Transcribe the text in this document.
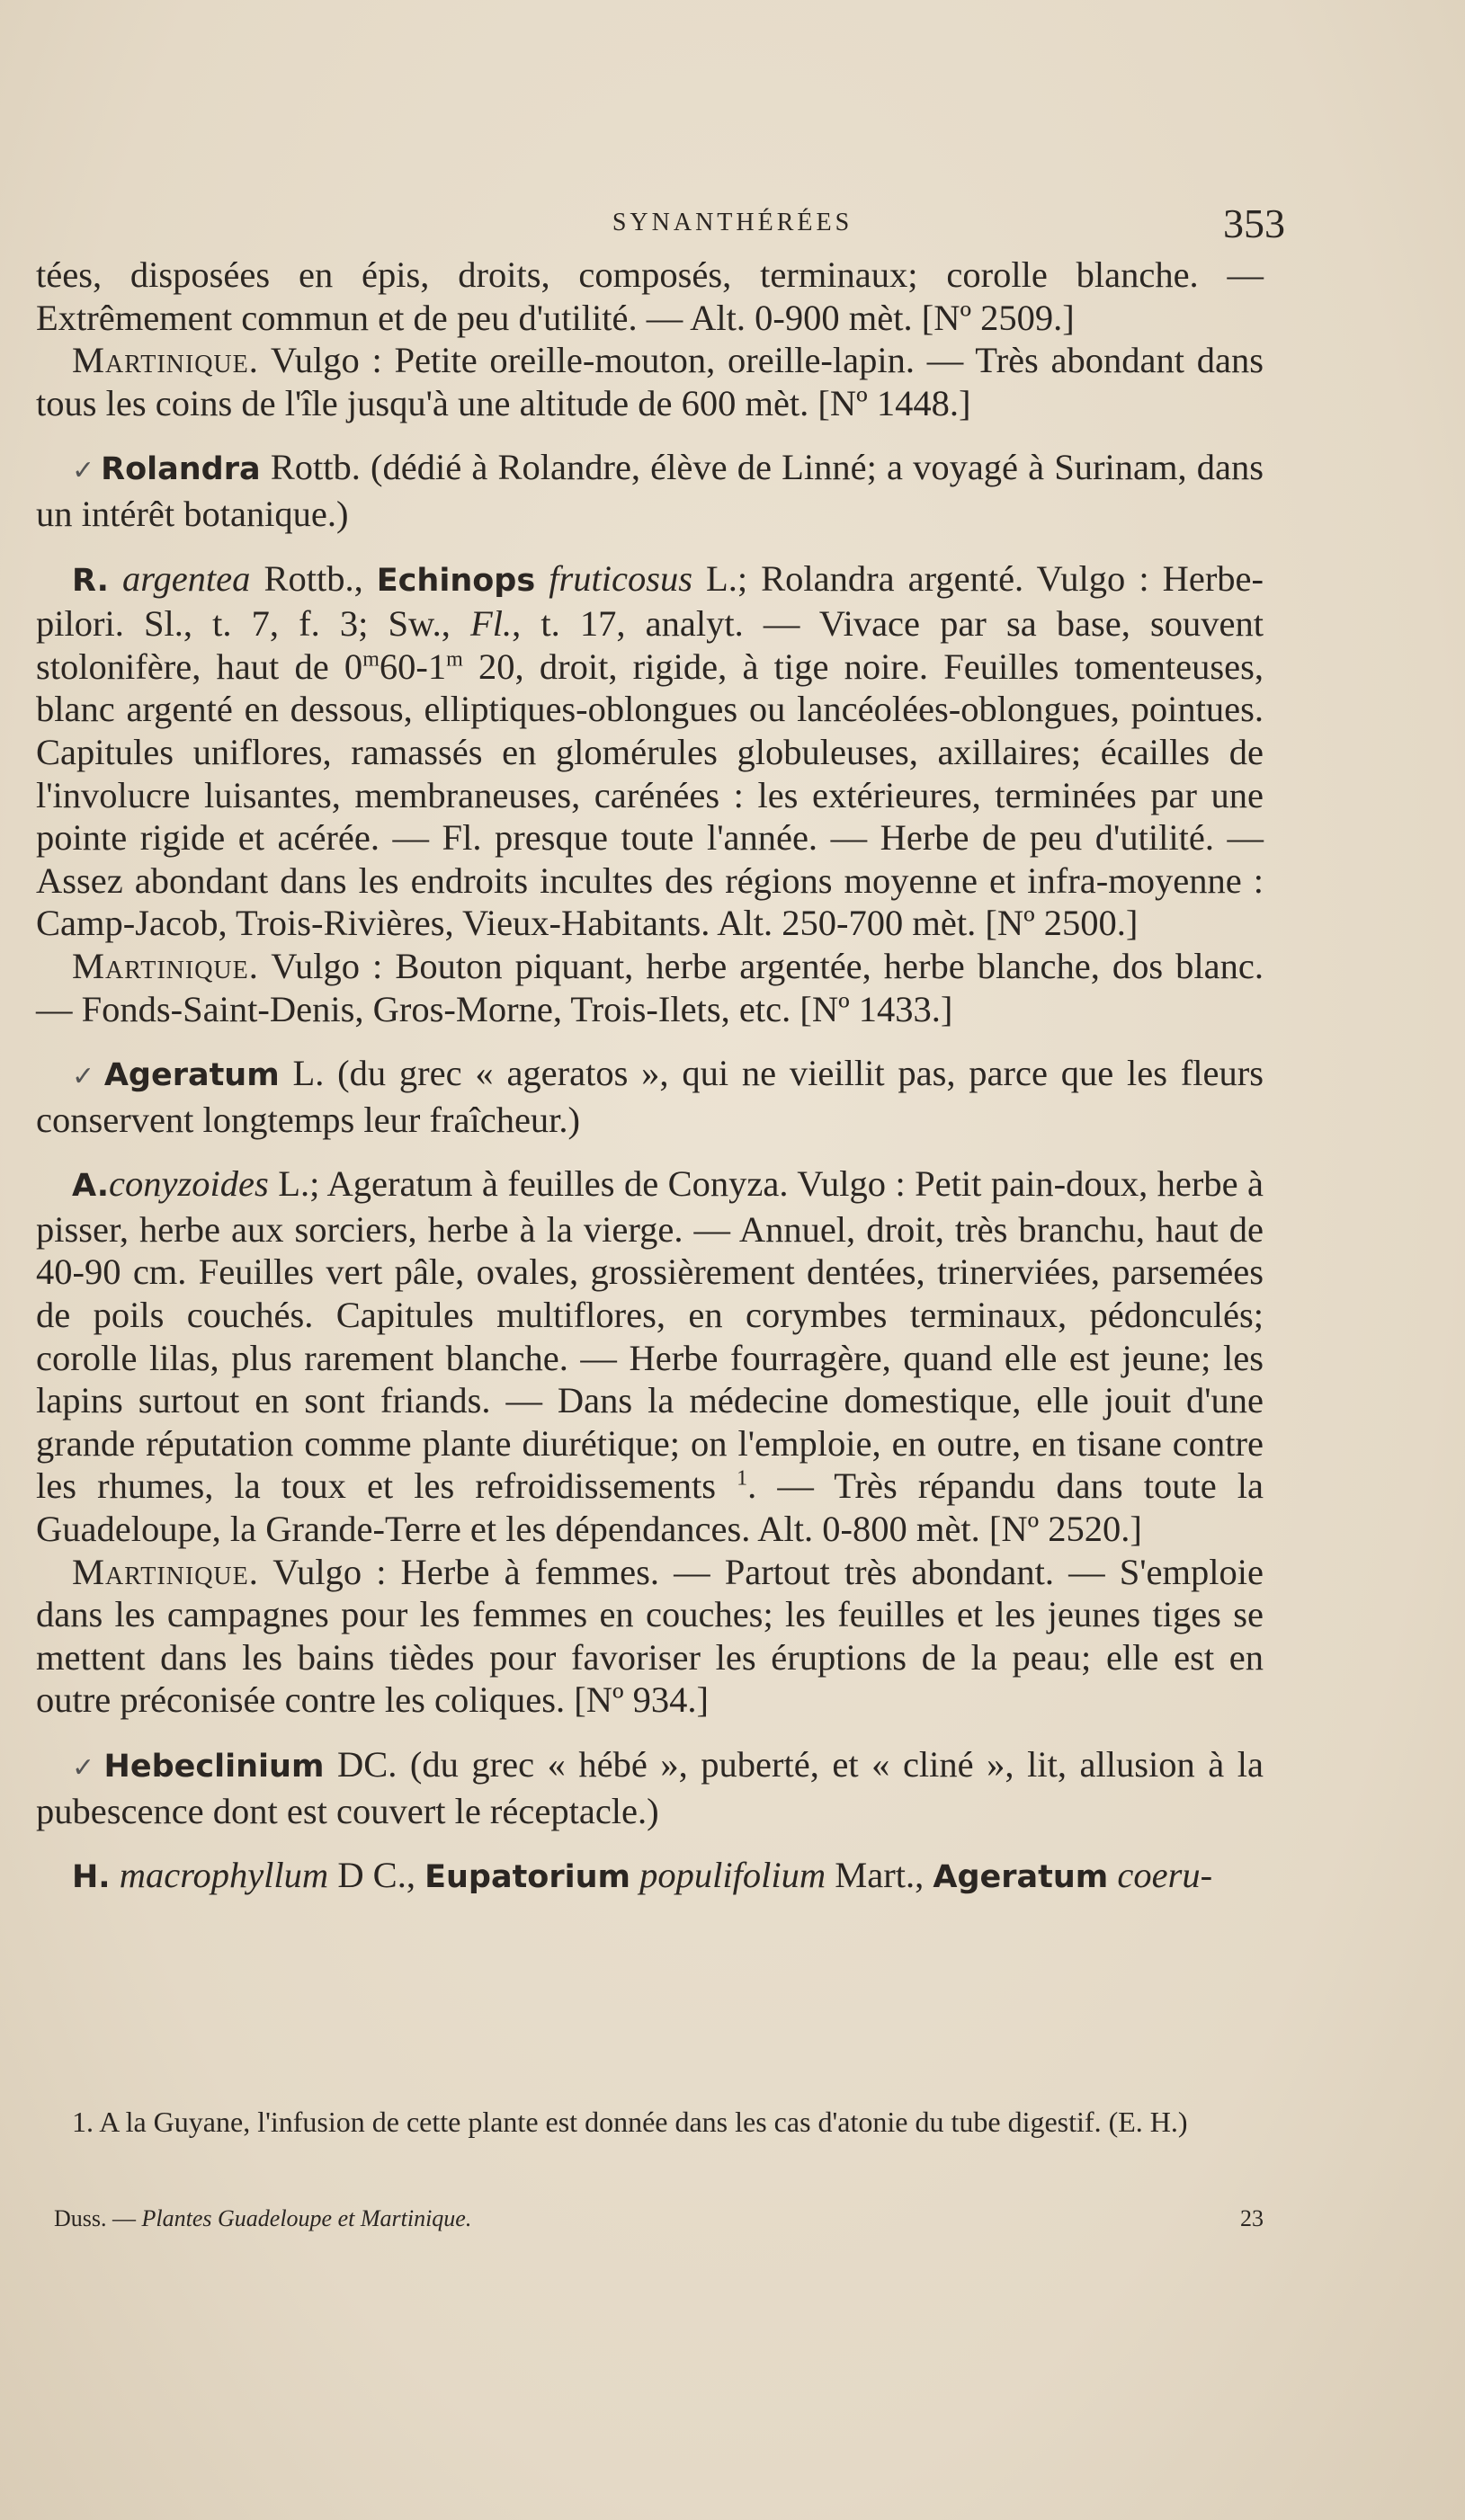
SYNANTHÉRÉES	353

tées, disposées en épis, droits, composés, terminaux; corolle blanche. — Extrêmement commun et de peu d'utilité. — Alt. 0-900 mèt. [Nº 2509.]

Martinique. Vulgo : Petite oreille-mouton, oreille-lapin. — Très abondant dans tous les coins de l'île jusqu'à une altitude de 600 mèt. [Nº 1448.]

✓ Rolandra Rottb. (dédié à Rolandre, élève de Linné; a voyagé à Surinam, dans un intérêt botanique.)

R. argentea Rottb., Echinops fruticosus L.; Rolandra argenté. Vulgo : Herbe-pilori. Sl., t. 7, f. 3; Sw., Fl., t. 17, analyt. — Vivace par sa base, souvent stolonifère, haut de 0$^m$60-1$^m$ 20, droit, rigide, à tige noire. Feuilles tomenteuses, blanc argenté en dessous, elliptiques-oblongues ou lancéolées-oblongues, pointues. Capitules uniflores, ramassés en glomérules globuleuses, axillaires; écailles de l'involucre luisantes, membraneuses, carénées : les extérieures, terminées par une pointe rigide et acérée. — Fl. presque toute l'année. — Herbe de peu d'utilité. — Assez abondant dans les endroits incultes des régions moyenne et infra-moyenne : Camp-Jacob, Trois-Rivières, Vieux-Habitants. Alt. 250-700 mèt. [Nº 2500.]

Martinique. Vulgo : Bouton piquant, herbe argentée, herbe blanche, dos blanc. — Fonds-Saint-Denis, Gros-Morne, Trois-Ilets, etc. [Nº 1433.]

✓ Ageratum L. (du grec « ageratos », qui ne vieillit pas, parce que les fleurs conservent longtemps leur fraîcheur.)

A.conyzoides L.; Ageratum à feuilles de Conyza. Vulgo : Petit pain-doux, herbe à pisser, herbe aux sorciers, herbe à la vierge. — Annuel, droit, très branchu, haut de 40-90 cm. Feuilles vert pâle, ovales, grossièrement dentées, trinerviées, parsemées de poils couchés. Capitules multiflores, en corymbes terminaux, pédonculés; corolle lilas, plus rarement blanche. — Herbe fourragère, quand elle est jeune; les lapins surtout en sont friands. — Dans la médecine domestique, elle jouit d'une grande réputation comme plante diurétique; on l'emploie, en outre, en tisane contre les rhumes, la toux et les refroidissements $^1$. — Très répandu dans toute la Guadeloupe, la Grande-Terre et les dépendances. Alt. 0-800 mèt. [Nº 2520.]

Martinique. Vulgo : Herbe à femmes. — Partout très abondant. — S'emploie dans les campagnes pour les femmes en couches; les feuilles et les jeunes tiges se mettent dans les bains tièdes pour favoriser les éruptions de la peau; elle est en outre préconisée contre les coliques. [Nº 934.]

✓ Hebeclinium DC. (du grec « hébé », puberté, et « cliné », lit, allusion à la pubescence dont est couvert le réceptacle.)

H. macrophyllum D C., Eupatorium populifolium Mart., Ageratum coeru-

1. A la Guyane, l'infusion de cette plante est donnée dans les cas d'atonie du tube digestif. (E. H.)

Duss. — Plantes Guadeloupe et Martinique.	23
